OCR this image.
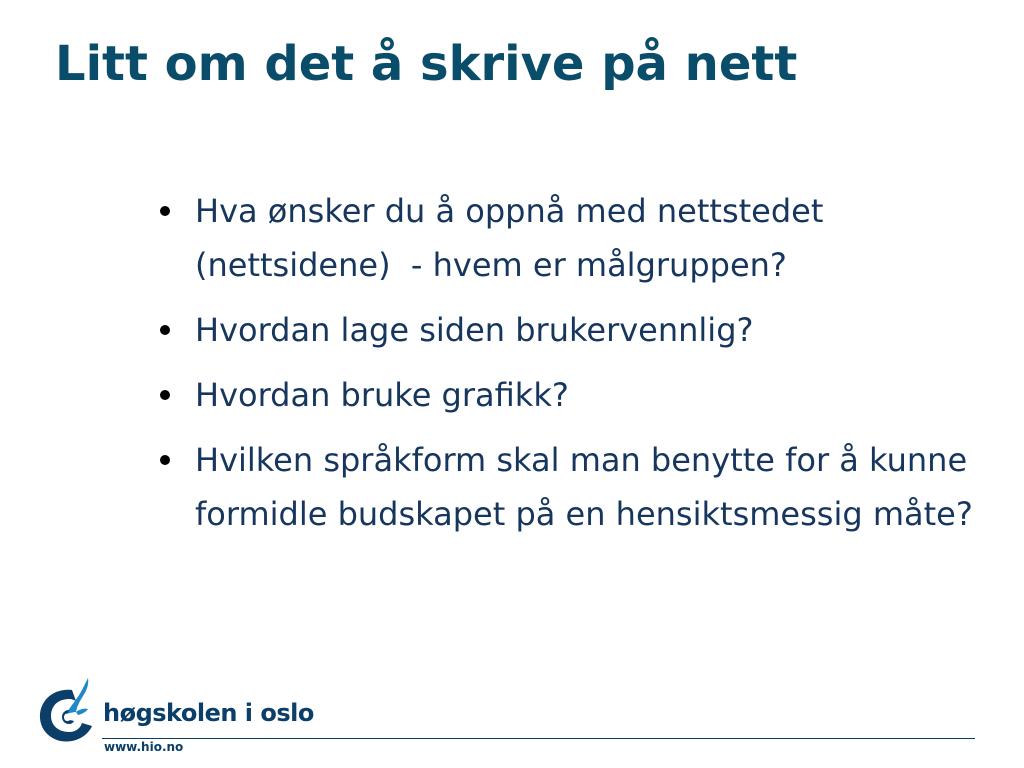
Litt om det å skrive på nett
Hva ønsker du å oppnå med nettstedet (nettsidene)  - hvem er målgruppen?
Hvordan lage siden brukervennlig?
Hvordan bruke grafikk?
Hvilken språkform skal man benytte for å kunne formidle budskapet på en hensiktsmessig måte?
høgskolen i oslo
www.hio.no
